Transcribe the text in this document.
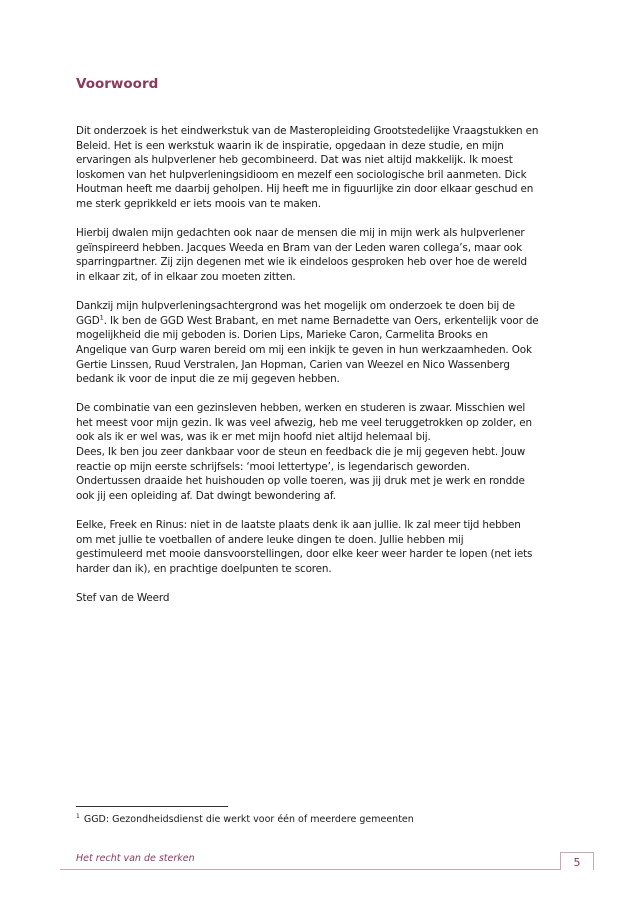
Voorwoord

Dit onderzoek is het eindwerkstuk van de Masteropleiding Grootstedelijke Vraagstukken en
Beleid. Het is een werkstuk waarin ik de inspiratie, opgedaan in deze studie, en mijn
ervaringen als hulpverlener heb gecombineerd. Dat was niet altijd makkelijk. Ik moest
loskomen van het hulpverleningsidioom en mezelf een sociologische bril aanmeten. Dick
Houtman heeft me daarbij geholpen. Hij heeft me in figuurlijke zin door elkaar geschud en
me sterk geprikkeld er iets moois van te maken.

Hierbij dwalen mijn gedachten ook naar de mensen die mij in mijn werk als hulpverlener
geïnspireerd hebben. Jacques Weeda en Bram van der Leden waren collega’s, maar ook
sparringpartner. Zij zijn degenen met wie ik eindeloos gesproken heb over hoe de wereld
in elkaar zit, of in elkaar zou moeten zitten.

Dankzij mijn hulpverleningsachtergrond was het mogelijk om onderzoek te doen bij de
GGD$^1$. Ik ben de GGD West Brabant, en met name Bernadette van Oers, erkentelijk voor de
mogelijkheid die mij geboden is. Dorien Lips, Marieke Caron, Carmelita Brooks en
Angelique van Gurp waren bereid om mij een inkijk te geven in hun werkzaamheden. Ook
Gertie Linssen, Ruud Verstralen, Jan Hopman, Carien van Weezel en Nico Wassenberg
bedank ik voor de input die ze mij gegeven hebben.

De combinatie van een gezinsleven hebben, werken en studeren is zwaar. Misschien wel
het meest voor mijn gezin. Ik was veel afwezig, heb me veel teruggetrokken op zolder, en
ook als ik er wel was, was ik er met mijn hoofd niet altijd helemaal bij.
Dees, Ik ben jou zeer dankbaar voor de steun en feedback die je mij gegeven hebt. Jouw
reactie op mijn eerste schrijfsels: ‘mooi lettertype’, is legendarisch geworden.
Ondertussen draaide het huishouden op volle toeren, was jij druk met je werk en rondde
ook jij een opleiding af. Dat dwingt bewondering af.

Eelke, Freek en Rinus: niet in de laatste plaats denk ik aan jullie. Ik zal meer tijd hebben
om met jullie te voetballen of andere leuke dingen te doen. Jullie hebben mij
gestimuleerd met mooie dansvoorstellingen, door elke keer weer harder te lopen (net iets
harder dan ik), en prachtige doelpunten te scoren.

Stef van de Weerd

$^1$ GGD: Gezondheidsdienst die werkt voor één of meerdere gemeenten
Het recht van de sterken	5
